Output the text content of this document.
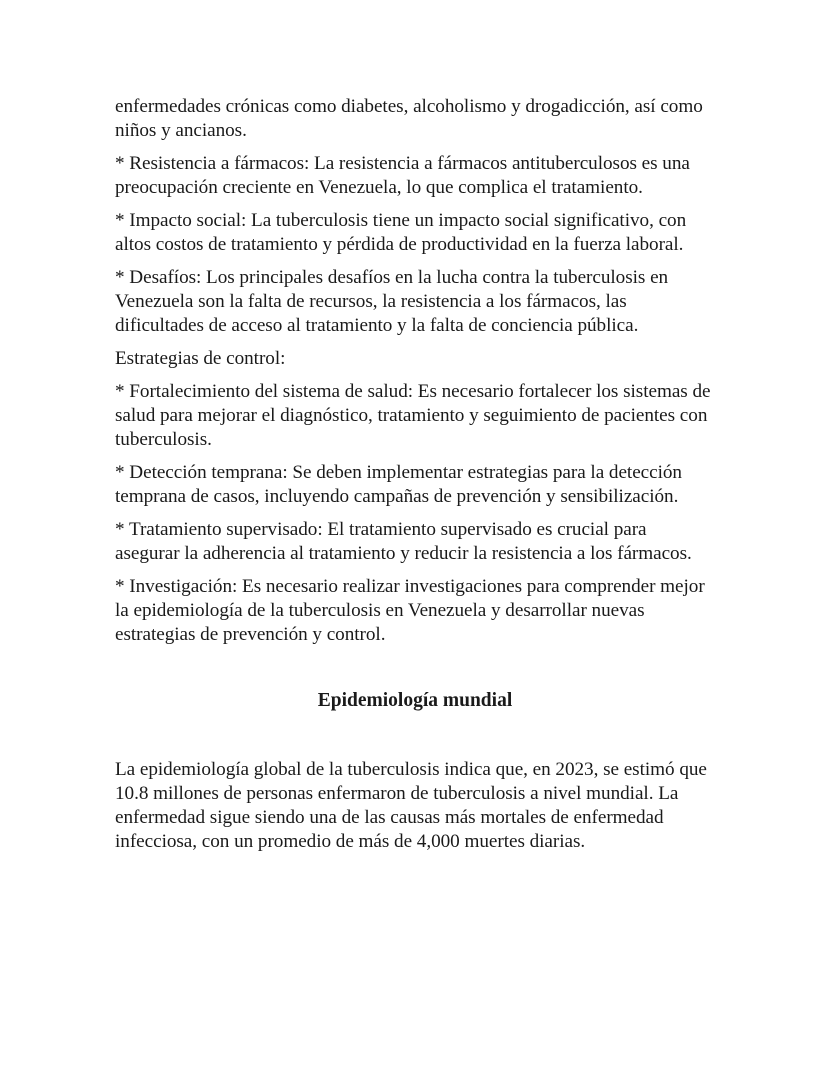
enfermedades crónicas como diabetes, alcoholismo y drogadicción, así como niños y ancianos.

* Resistencia a fármacos: La resistencia a fármacos antituberculosos es una preocupación creciente en Venezuela, lo que complica el tratamiento.

* Impacto social: La tuberculosis tiene un impacto social significativo, con altos costos de tratamiento y pérdida de productividad en la fuerza laboral.

* Desafíos: Los principales desafíos en la lucha contra la tuberculosis en Venezuela son la falta de recursos, la resistencia a los fármacos, las dificultades de acceso al tratamiento y la falta de conciencia pública.

Estrategias de control:

* Fortalecimiento del sistema de salud: Es necesario fortalecer los sistemas de salud para mejorar el diagnóstico, tratamiento y seguimiento de pacientes con tuberculosis.

* Detección temprana: Se deben implementar estrategias para la detección temprana de casos, incluyendo campañas de prevención y sensibilización.

* Tratamiento supervisado: El tratamiento supervisado es crucial para asegurar la adherencia al tratamiento y reducir la resistencia a los fármacos.

* Investigación: Es necesario realizar investigaciones para comprender mejor la epidemiología de la tuberculosis en Venezuela y desarrollar nuevas estrategias de prevención y control.

Epidemiología mundial

La epidemiología global de la tuberculosis indica que, en 2023, se estimó que 10.8 millones de personas enfermaron de tuberculosis a nivel mundial. La enfermedad sigue siendo una de las causas más mortales de enfermedad infecciosa, con un promedio de más de 4,000 muertes diarias.
